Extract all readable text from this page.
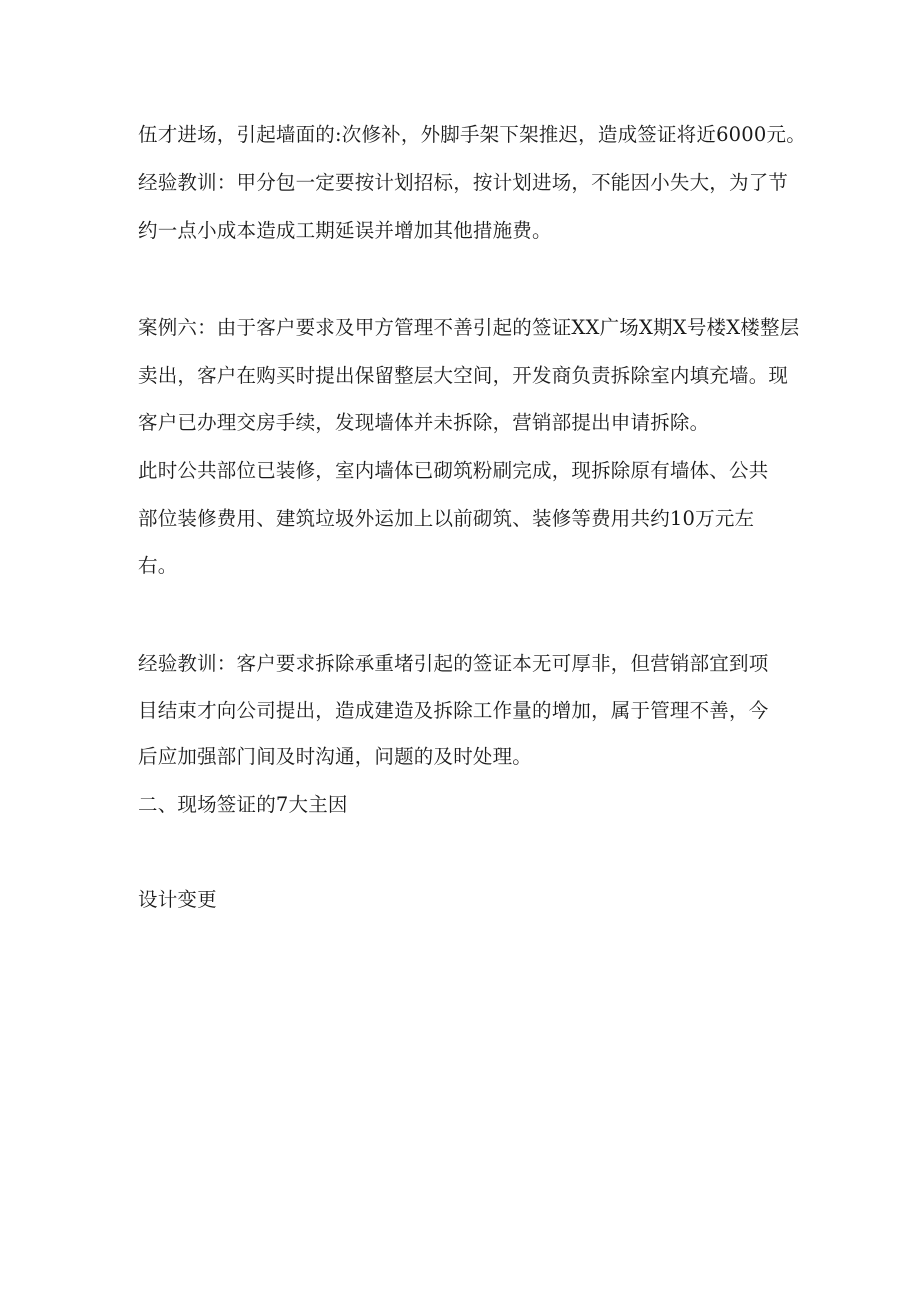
伍才进场，引起墙面的:次修补，外脚手架下架推迟，造成签证将近6000元。
经验教训：甲分包一定要按计划招标，按计划进场，不能因小失大，为了节
约一点小成本造成工期延误并增加其他措施费。
案例六：由于客户要求及甲方管理不善引起的签证XX广场X期X号楼X楼整层
卖出，客户在购买时提出保留整层大空间，开发商负责拆除室内填充墙。现
客户已办理交房手续，发现墙体并未拆除，营销部提出申请拆除。
此时公共部位已装修，室内墙体已砌筑粉刷完成，现拆除原有墙体、公共
部位装修费用、建筑垃圾外运加上以前砌筑、装修等费用共约10万元左
右。
经验教训：客户要求拆除承重堵引起的签证本无可厚非，但营销部宜到项
目结束才向公司提出，造成建造及拆除工作量的增加，属于管理不善，今
后应加强部门间及时沟通，问题的及时处理。
二、现场签证的7大主因
设计变更
